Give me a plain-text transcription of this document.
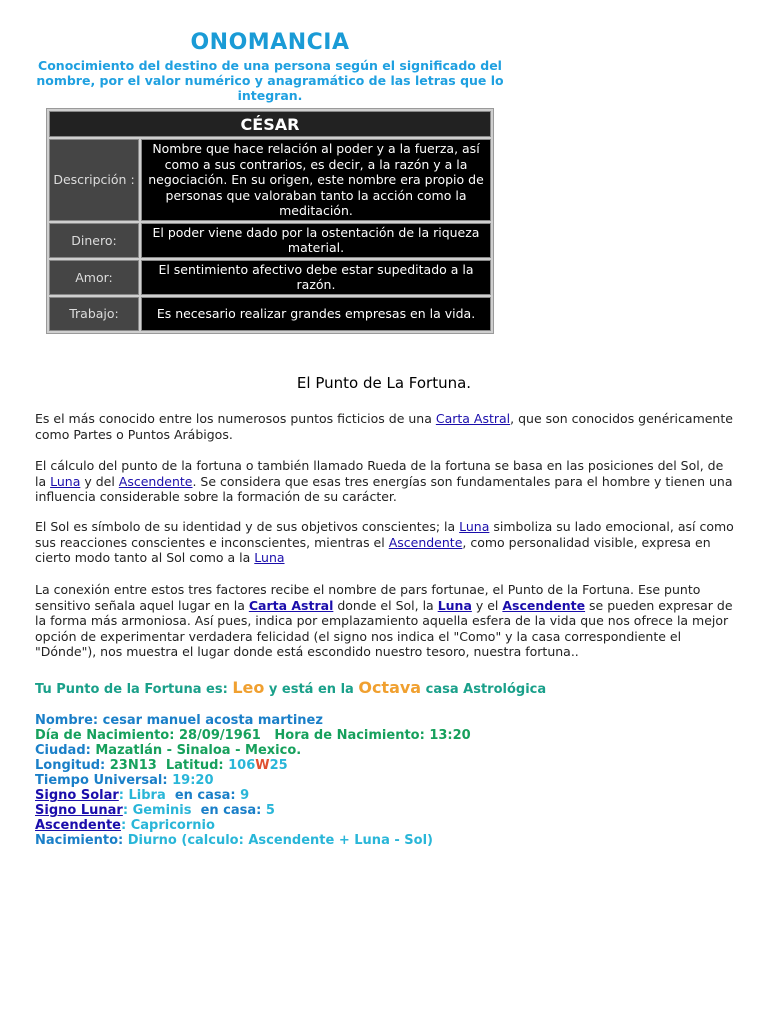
ONOMANCIA
Conocimiento del destino de una persona según el significado del nombre, por el valor numérico y anagramático de las letras que lo integran.
CÉSAR	
Descripción :	Nombre que hace relación al poder y a la fuerza, así como a sus contrarios, es decir, a la razón y a la negociación. En su origen, este nombre era propio de personas que valoraban tanto la acción como la meditación.
Dinero:	El poder viene dado por la ostentación de la riqueza material.
Amor:	El sentimiento afectivo debe estar supeditado a la razón.
Trabajo:	Es necesario realizar grandes empresas en la vida.
El Punto de La Fortuna.
Es el más conocido entre los numerosos puntos ficticios de una Carta Astral, que son conocidos genéricamente como Partes o Puntos Arábigos.
El cálculo del punto de la fortuna o también llamado Rueda de la fortuna se basa en las posiciones del Sol, de la Luna y del Ascendente. Se considera que esas tres energías son fundamentales para el hombre y tienen una influencia considerable sobre la formación de su carácter.
El Sol es símbolo de su identidad y de sus objetivos conscientes; la Luna simboliza su lado emocional, así como sus reacciones conscientes e inconscientes, mientras el Ascendente, como personalidad visible, expresa en cierto modo tanto al Sol como a la Luna
La conexión entre estos tres factores recibe el nombre de pars fortunae, el Punto de la Fortuna. Ese punto sensitivo señala aquel lugar en la Carta Astral donde el Sol, la Luna y el Ascendente se pueden expresar de la forma más armoniosa. Así pues, indica por emplazamiento aquella esfera de la vida que nos ofrece la mejor opción de experimentar verdadera felicidad (el signo nos indica el "Como" y la casa correspondiente el "Dónde"), nos muestra el lugar donde está escondido nuestro tesoro, nuestra fortuna..
Tu Punto de la Fortuna es: Leo y está en la Octava casa Astrológica
Nombre: cesar manuel acosta martinez
Día de Nacimiento: 28/09/1961 Hora de Nacimiento: 13:20
Ciudad: Mazatlán - Sinaloa - Mexico.
Longitud: 23N13 Latitud: 106W25
Tiempo Universal: 19:20
Signo Solar: Libra en casa: 9
Signo Lunar: Geminis en casa: 5
Ascendente: Capricornio
Nacimiento: Diurno (calculo: Ascendente + Luna - Sol)
